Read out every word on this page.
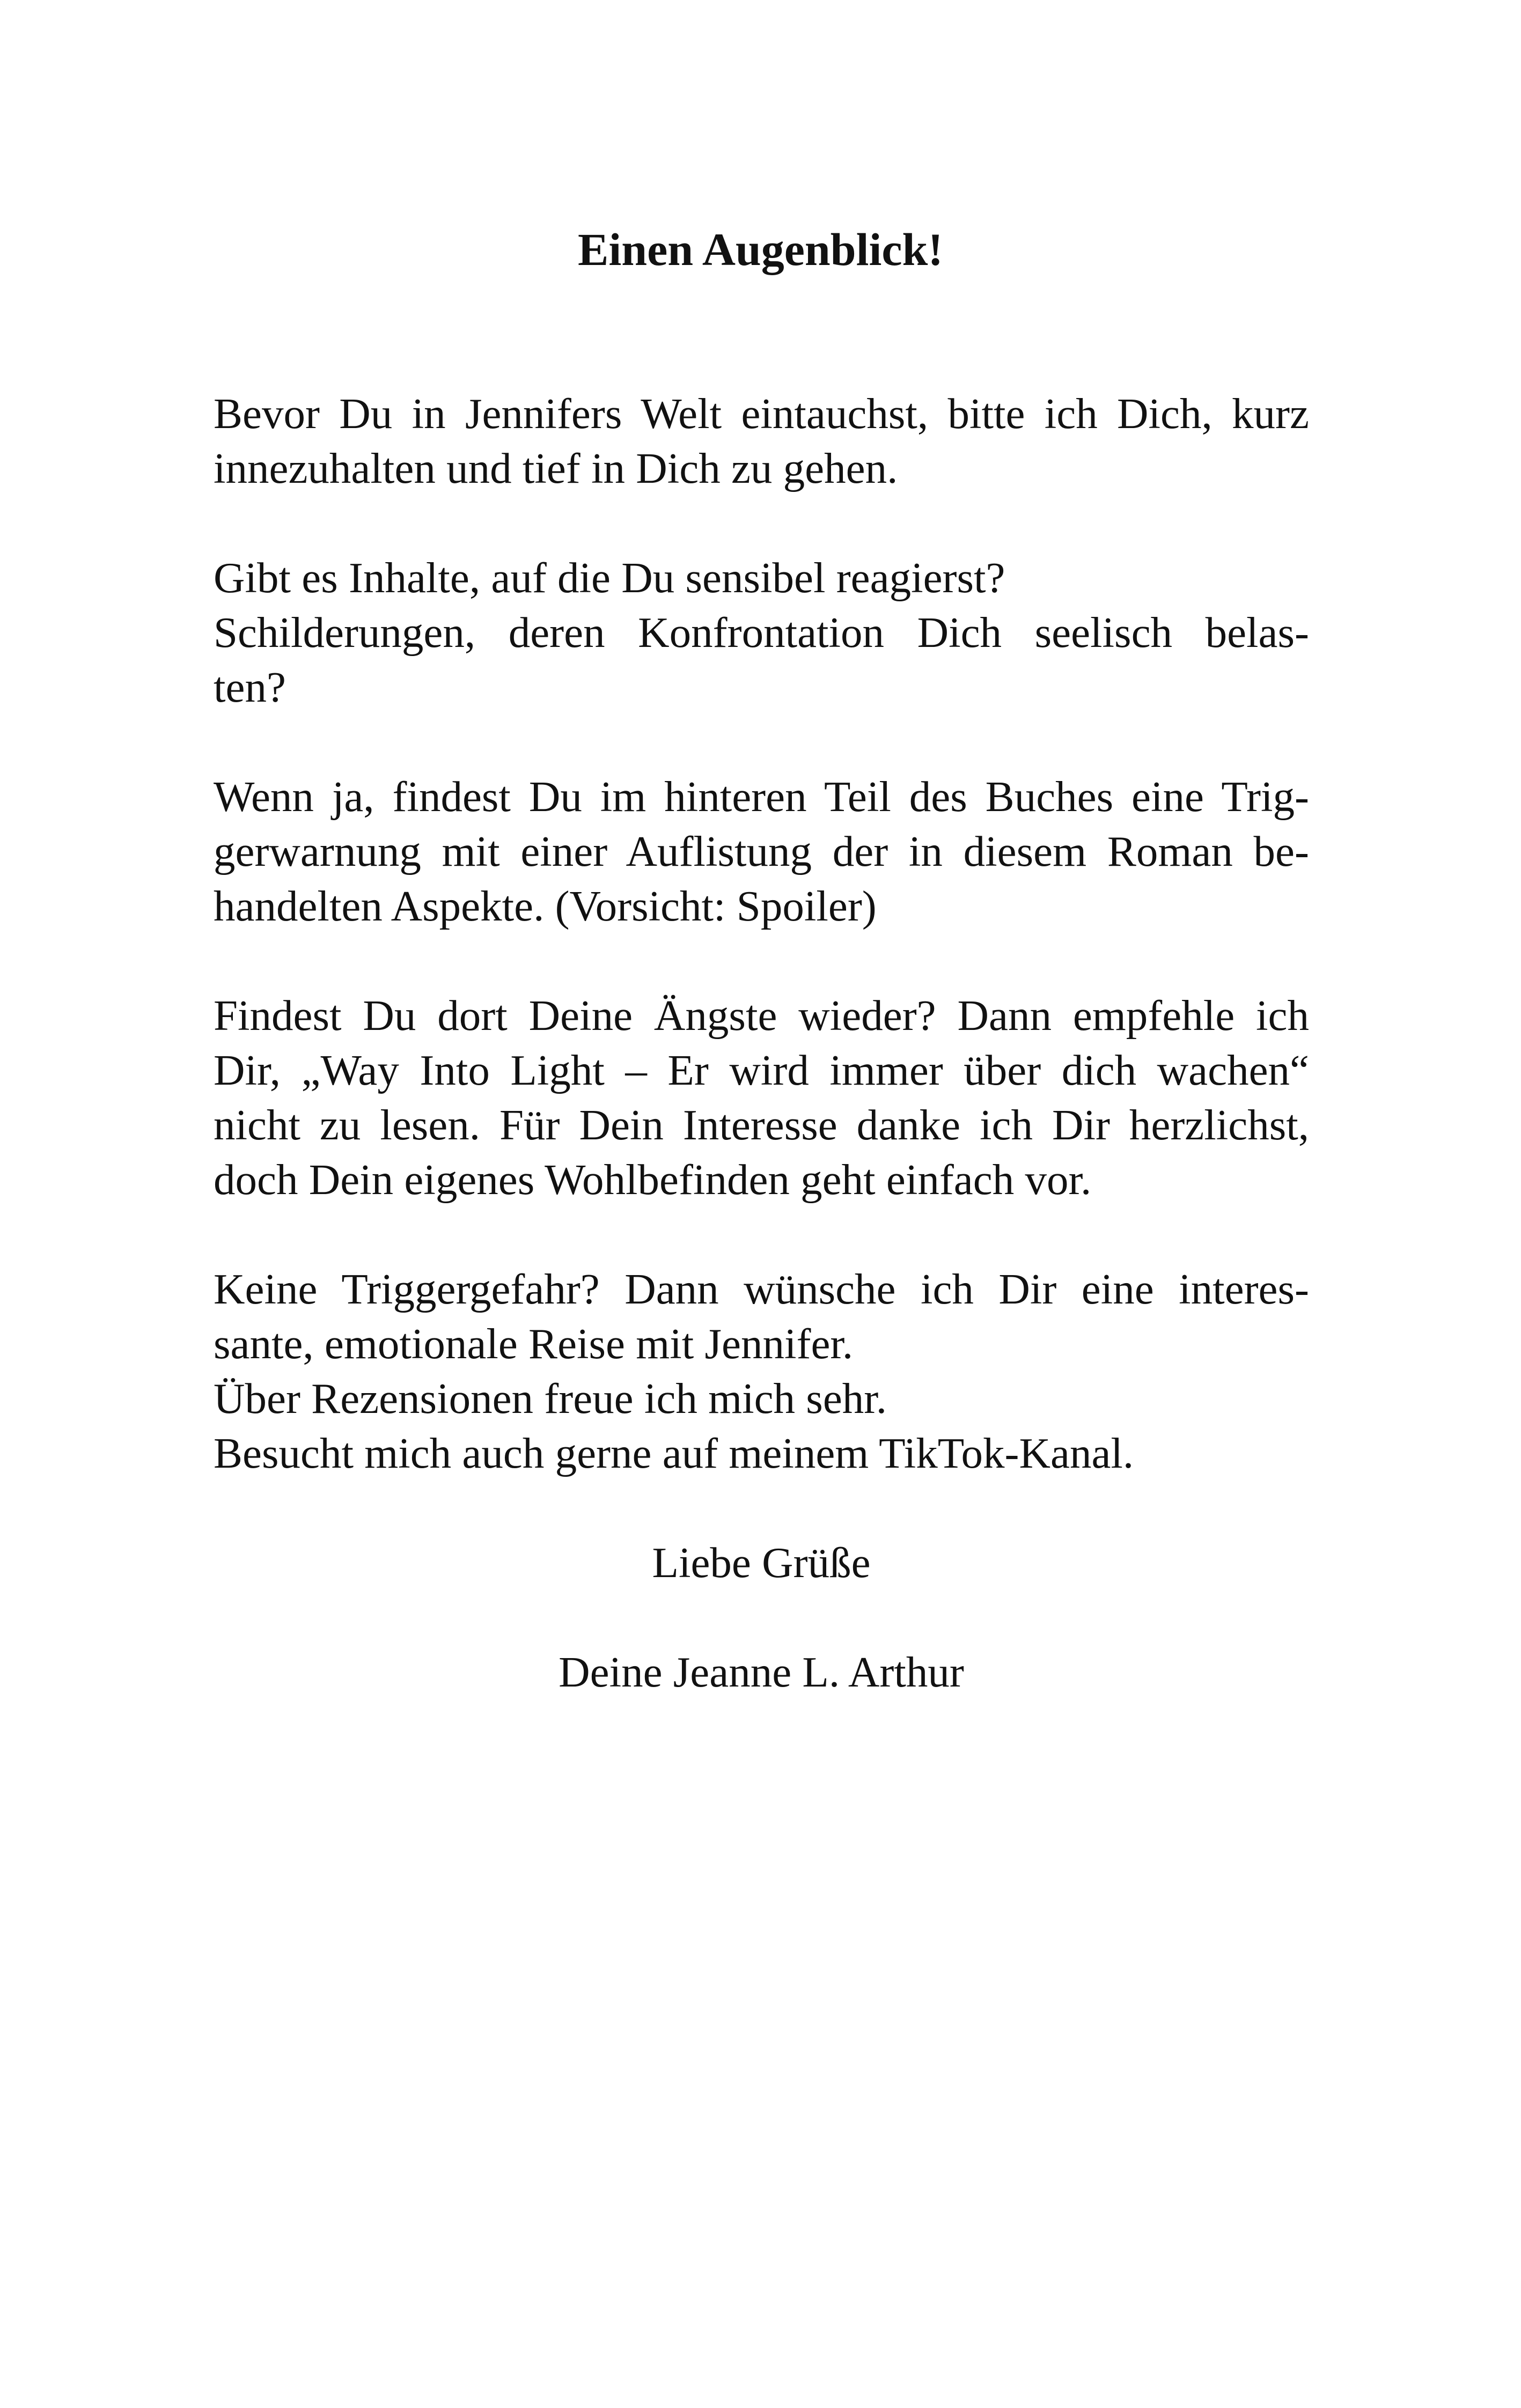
Einen Augenblick!

Bevor Du in Jennifers Welt eintauchst, bitte ich Dich, kurz
innezuhalten und tief in Dich zu gehen.

Gibt es Inhalte, auf die Du sensibel reagierst?
Schilderungen, deren Konfrontation Dich seelisch belas-
ten?

Wenn ja, findest Du im hinteren Teil des Buches eine Trig-
gerwarnung mit einer Auflistung der in diesem Roman be-
handelten Aspekte. (Vorsicht: Spoiler)

Findest Du dort Deine Ängste wieder? Dann empfehle ich
Dir, „Way Into Light – Er wird immer über dich wachen“
nicht zu lesen. Für Dein Interesse danke ich Dir herzlichst,
doch Dein eigenes Wohlbefinden geht einfach vor.

Keine Triggergefahr? Dann wünsche ich Dir eine interes-
sante, emotionale Reise mit Jennifer.
Über Rezensionen freue ich mich sehr.
Besucht mich auch gerne auf meinem TikTok-Kanal.

Liebe Grüße

Deine Jeanne L. Arthur
